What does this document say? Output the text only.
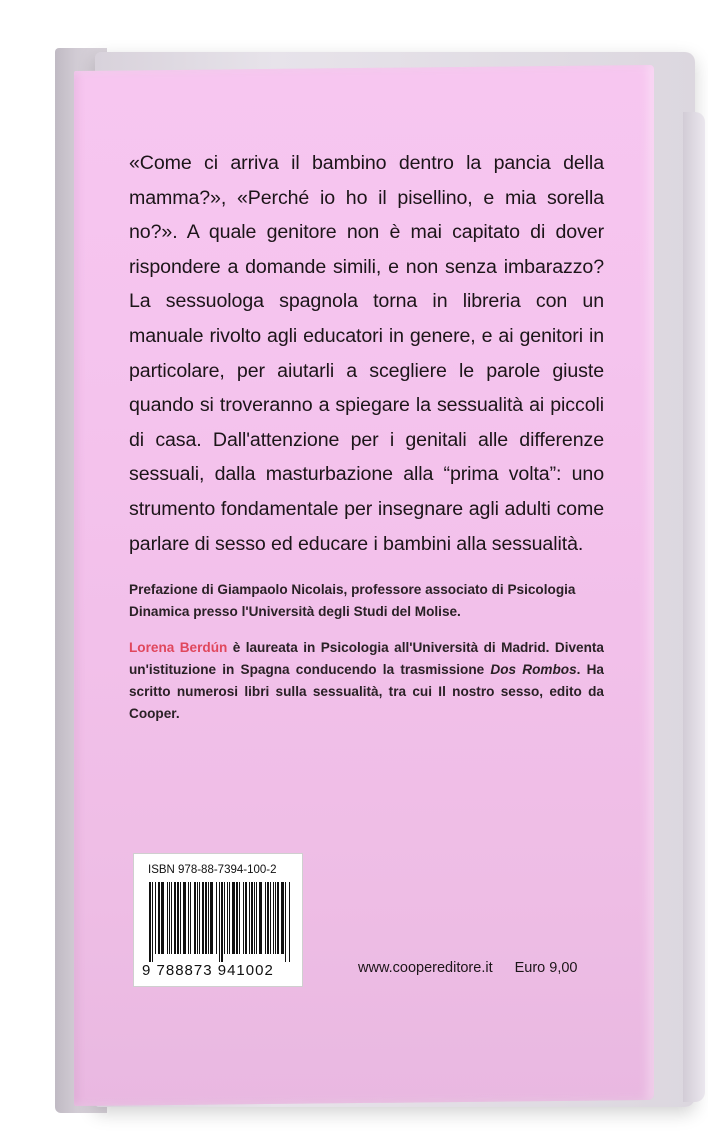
«Come ci arriva il bambino dentro la pancia della mamma?», «Perché io ho il pisellino, e mia sorella no?». A quale genitore non è mai capitato di dover rispondere a domande simili, e non senza imbarazzo? La sessuologa spagnola torna in libreria con un manuale rivolto agli educatori in genere, e ai genitori in particolare, per aiutarli a scegliere le parole giuste quando si troveranno a spiegare la sessualità ai piccoli di casa. Dall'attenzione per i genitali alle differenze sessuali, dalla masturbazione alla “prima volta”: uno strumento fondamentale per insegnare agli adulti come parlare di sesso ed educare i bambini alla sessualità.

Prefazione di Giampaolo Nicolais, professore associato di Psicologia Dinamica presso l'Università degli Studi del Molise.

Lorena Berdún è laureata in Psicologia all'Università di Madrid. Diventa un'istituzione in Spagna conducendo la trasmissione Dos Rombos. Ha scritto numerosi libri sulla sessualità, tra cui Il nostro sesso, edito da Cooper.

ISBN 978-88-7394-100-2
9 788873 941002	www.coopereditore.it Euro 9,00
